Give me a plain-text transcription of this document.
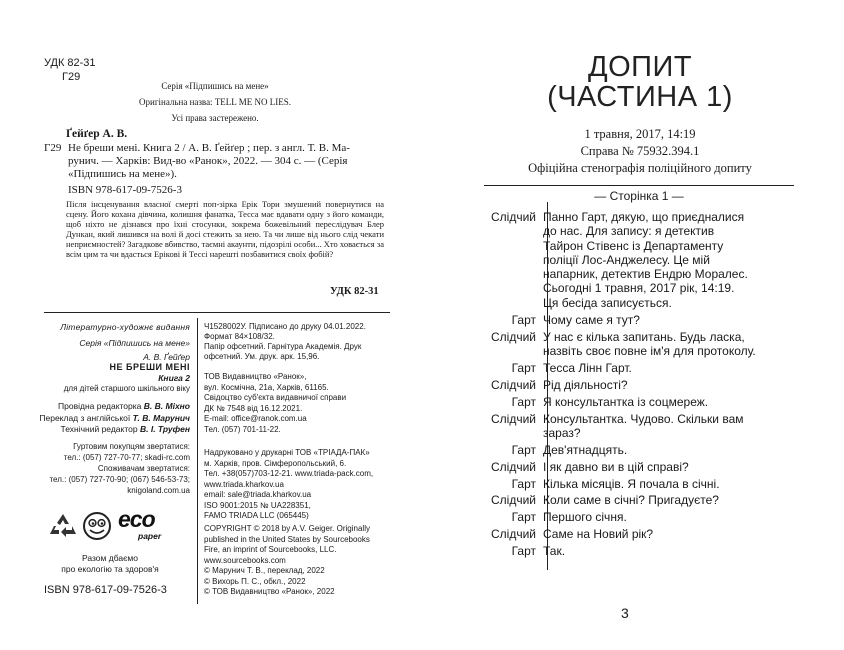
УДК 82-31
Г29
Серія «Підпишись на мене»
Оригінальна назва: TELL ME NO LIES.
Усі права застережено.
Ґейґер А. В.
Г29 Не бреши мені. Книга 2 / А. В. Ґейґер ; пер. з англ. Т. В. Ма-
рунич. — Харків: Вид-во «Ранок», 2022. — 304 с. — (Серія
«Підпишись на мене»).
ISBN 978-617-09-7526-3
Після інсценування власної смерті поп-зірка Ерік Тори змушений повернутися на сцену. Його кохана дівчина, колишня фанатка, Тесса має вдавати одну з його команди, щоб ніхто не дізнався про їхні стосунки, зокрема божевільний переслідувач Блер Дункан, який лишився на волі й досі стежить за нею. Та чи лише від нього слід чекати неприємностей? Загадкове вбивство, таємні акаунти, підозрілі особи... Хто ховається за всім цим та чи вдасться Ерікові й Тессі нарешті позбавитися своїх фобій?
УДК 82-31
Літературно-художнє видання
Серія «Підпишись на мене»
А. В. Ґейґер
НЕ БРЕШИ МЕНІ
Книга 2
для дітей старшого шкільного віку
Провідна редакторка В. В. Міхно
Переклад з англійської Т. В. Марунич
Технічний редактор В. І. Труфен
Гуртовим покупцям звертатися:
тел.: (057) 727-70-77; skadi-rc.com
Споживачам звертатися:
тел.: (057) 727-70-90; (067) 546-53-73;
knigoland.com.ua
eco
paper
Разом дбаємо
про екологію та здоров'я
ISBN 978-617-09-7526-3
Ч1528002У. Підписано до друку 04.01.2022.
Формат 84×108/32.
Папір офсетний. Гарнітура Академія. Друк
офсетний. Ум. друк. арк. 15,96.
ТОВ Видавництво «Ранок»,
вул. Космічна, 21а, Харків, 61165.
Свідоцтво суб'єкта видавничої справи
ДК № 7548 від 16.12.2021.
E-mail: office@ranok.com.ua
Тел. (057) 701-11-22.
Надруковано у друкарні ТОВ «ТРІАДА-ПАК»
м. Харків, пров. Сімферопольський, 6.
Тел. +38(057)703-12-21. www.triada-pack.com,
www.triada.kharkov.ua
email: sale@triada.kharkov.ua
ISO 9001:2015 № UA228351,
FAMO TRIADA LLC (065445)
COPYRIGHT © 2018 by A.V. Geiger. Originally
published in the United States by Sourcebooks
Fire, an imprint of Sourcebooks, LLC.
www.sourcebooks.com
© Марунич Т. В., переклад, 2022
© Вихорь П. С., обкл., 2022
© ТОВ Видавництво «Ранок», 2022
ДОПИТ
(ЧАСТИНА 1)
1 травня, 2017, 14:19
Справа № 75932.394.1
Офіційна стенографія поліційного допиту
— Сторінка 1 —
Слідчий Панно Гарт, дякую, що приєдналися
до нас. Для запису: я детектив
Тайрон Стівенс із Департаменту
поліції Лос-Анджелесу. Це мій
напарник, детектив Ендрю Моралес.
Сьогодні 1 травня, 2017 рік, 14:19.
Ця бесіда записується.
Гарт Чому саме я тут?
Слідчий У нас є кілька запитань. Будь ласка,
назвіть своє повне ім'я для протоколу.
Гарт Тесса Лінн Гарт.
Слідчий Рід діяльності?
Гарт Я консультантка із соцмереж.
Слідчий Консультантка. Чудово. Скільки вам
зараз?
Гарт Дев'ятнадцять.
Слідчий І як давно ви в цій справі?
Гарт Кілька місяців. Я почала в січні.
Слідчий Коли саме в січні? Пригадуєте?
Гарт Першого січня.
Слідчий Саме на Новий рік?
Гарт Так.
3
